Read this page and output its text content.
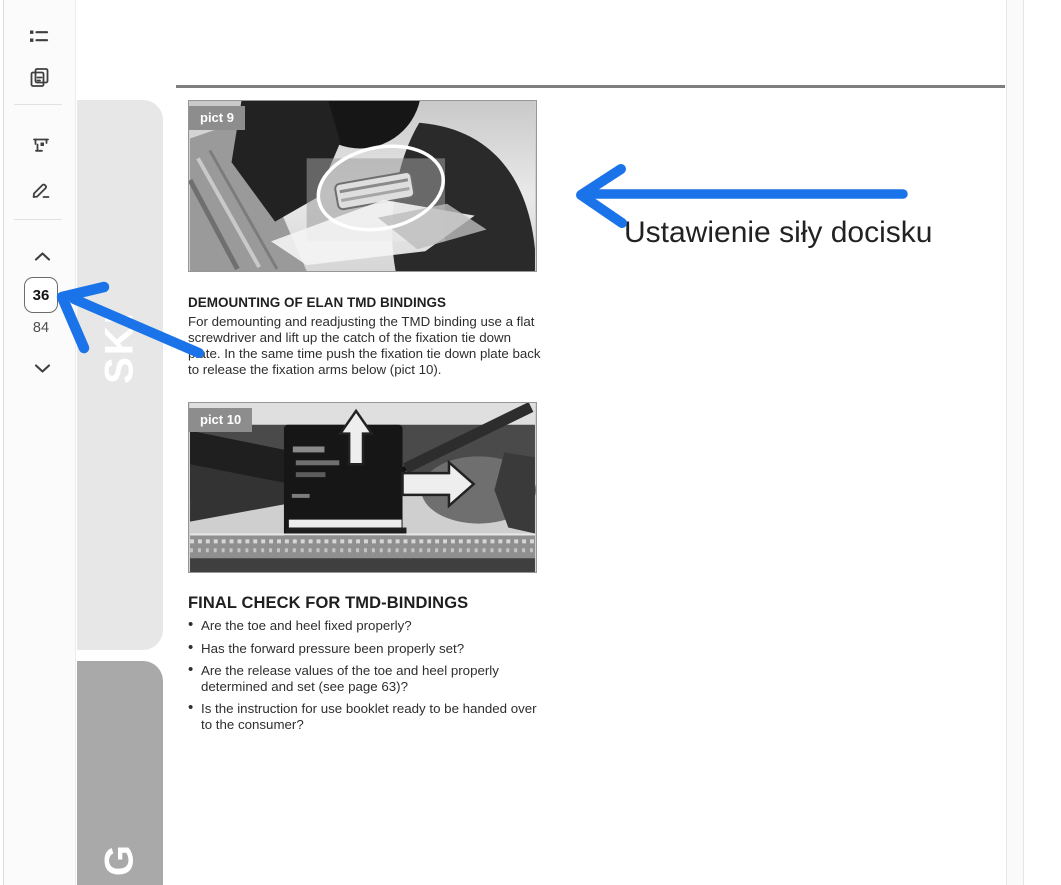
36
84 SKI
G
pict 9
DEMOUNTING OF ELAN TMD BINDINGS
For demounting and readjusting the TMD binding use a flat screwdriver and lift up the catch of the fixation tie down plate. In the same time push the fixation tie down plate back to release the fixation arms below (pict 10).
pict 10
FINAL CHECK FOR TMD-BINDINGS
• Are the toe and heel fixed properly?
• Has the forward pressure been properly set?
• Are the release values of the toe and heel properly determined and set (see page 63)?
• Is the instruction for use booklet ready to be handed over to the consumer?
Ustawienie siły docisku
